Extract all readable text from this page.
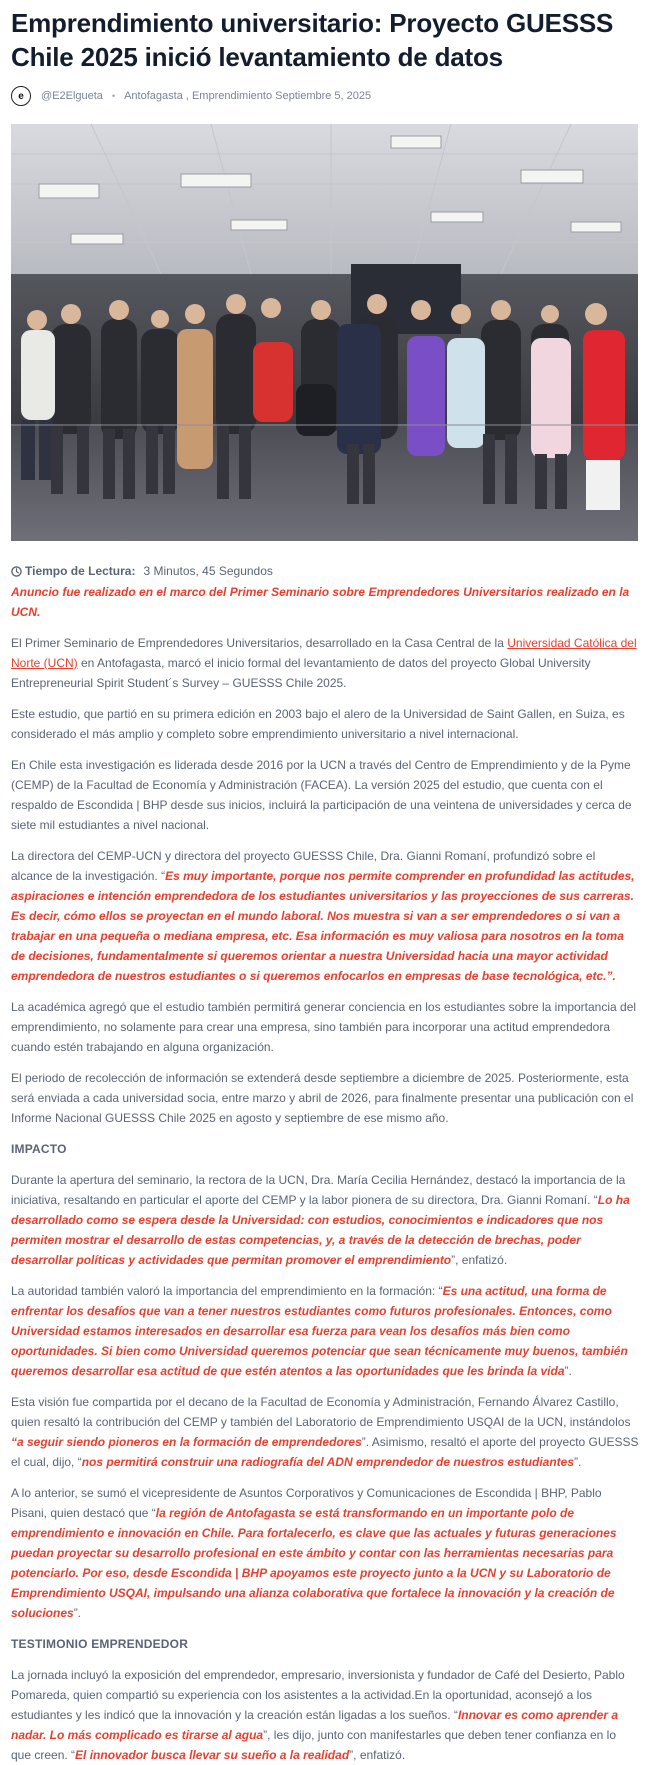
Emprendimiento universitario: Proyecto GUESSS Chile 2025 inició levantamiento de datos
e @E2Elgueta • Antofagasta , Emprendimiento Septiembre 5, 2025
Tiempo de Lectura: 3 Minutos, 45 Segundos

Anuncio fue realizado en el marco del Primer Seminario sobre Emprendedores Universitarios realizado en la UCN.

El Primer Seminario de Emprendedores Universitarios, desarrollado en la Casa Central de la Universidad Católica del Norte (UCN) en Antofagasta, marcó el inicio formal del levantamiento de datos del proyecto Global University Entrepreneurial Spirit Student´s Survey – GUESSS Chile 2025.

Este estudio, que partió en su primera edición en 2003 bajo el alero de la Universidad de Saint Gallen, en Suiza, es considerado el más amplio y completo sobre emprendimiento universitario a nivel internacional.

En Chile esta investigación es liderada desde 2016 por la UCN a través del Centro de Emprendimiento y de la Pyme (CEMP) de la Facultad de Economía y Administración (FACEA). La versión 2025 del estudio, que cuenta con el respaldo de Escondida | BHP desde sus inicios, incluirá la participación de una veintena de universidades y cerca de siete mil estudiantes a nivel nacional.

La directora del CEMP-UCN y directora del proyecto GUESSS Chile, Dra. Gianni Romaní, profundizó sobre el alcance de la investigación. “Es muy importante, porque nos permite comprender en profundidad las actitudes, aspiraciones e intención emprendedora de los estudiantes universitarios y las proyecciones de sus carreras. Es decir, cómo ellos se proyectan en el mundo laboral. Nos muestra si van a ser emprendedores o si van a trabajar en una pequeña o mediana empresa, etc. Esa información es muy valiosa para nosotros en la toma de decisiones, fundamentalmente si queremos orientar a nuestra Universidad hacia una mayor actividad emprendedora de nuestros estudiantes o si queremos enfocarlos en empresas de base tecnológica, etc.”.

La académica agregó que el estudio también permitirá generar conciencia en los estudiantes sobre la importancia del emprendimiento, no solamente para crear una empresa, sino también para incorporar una actitud emprendedora cuando estén trabajando en alguna organización.

El periodo de recolección de información se extenderá desde septiembre a diciembre de 2025. Posteriormente, esta será enviada a cada universidad socia, entre marzo y abril de 2026, para finalmente presentar una publicación con el Informe Nacional GUESSS Chile 2025 en agosto y septiembre de ese mismo año.

IMPACTO

Durante la apertura del seminario, la rectora de la UCN, Dra. María Cecilia Hernández, destacó la importancia de la iniciativa, resaltando en particular el aporte del CEMP y la labor pionera de su directora, Dra. Gianni Romaní. “Lo ha desarrollado como se espera desde la Universidad: con estudios, conocimientos e indicadores que nos permiten mostrar el desarrollo de estas competencias, y, a través de la detección de brechas, poder desarrollar políticas y actividades que permitan promover el emprendimiento”, enfatizó.

La autoridad también valoró la importancia del emprendimiento en la formación: “Es una actitud, una forma de enfrentar los desafíos que van a tener nuestros estudiantes como futuros profesionales. Entonces, como Universidad estamos interesados en desarrollar esa fuerza para vean los desafíos más bien como oportunidades. Si bien como Universidad queremos potenciar que sean técnicamente muy buenos, también queremos desarrollar esa actitud de que estén atentos a las oportunidades que les brinda la vida”.

Esta visión fue compartida por el decano de la Facultad de Economía y Administración, Fernando Álvarez Castillo, quien resaltó la contribución del CEMP y también del Laboratorio de Emprendimiento USQAI de la UCN, instándolos “a seguir siendo pioneros en la formación de emprendedores”. Asimismo, resaltó el aporte del proyecto GUESSS el cual, dijo, “nos permitirá construir una radiografía del ADN emprendedor de nuestros estudiantes”.

A lo anterior, se sumó el vicepresidente de Asuntos Corporativos y Comunicaciones de Escondida | BHP, Pablo Pisani, quien destacó que “la región de Antofagasta se está transformando en un importante polo de emprendimiento e innovación en Chile. Para fortalecerlo, es clave que las actuales y futuras generaciones puedan proyectar su desarrollo profesional en este ámbito y contar con las herramientas necesarias para potenciarlo. Por eso, desde Escondida | BHP apoyamos este proyecto junto a la UCN y su Laboratorio de Emprendimiento USQAI, impulsando una alianza colaborativa que fortalece la innovación y la creación de soluciones”.

TESTIMONIO EMPRENDEDOR

La jornada incluyó la exposición del emprendedor, empresario, inversionista y fundador de Café del Desierto, Pablo Pomareda, quien compartió su experiencia con los asistentes a la actividad.En la oportunidad, aconsejó a los estudiantes y les indicó que la innovación y la creación están ligadas a los sueños. “Innovar es como aprender a nadar. Lo más complicado es tirarse al agua”, les dijo, junto con manifestarles que deben tener confianza en lo que creen. “El innovador busca llevar su sueño a la realidad”, enfatizó.
